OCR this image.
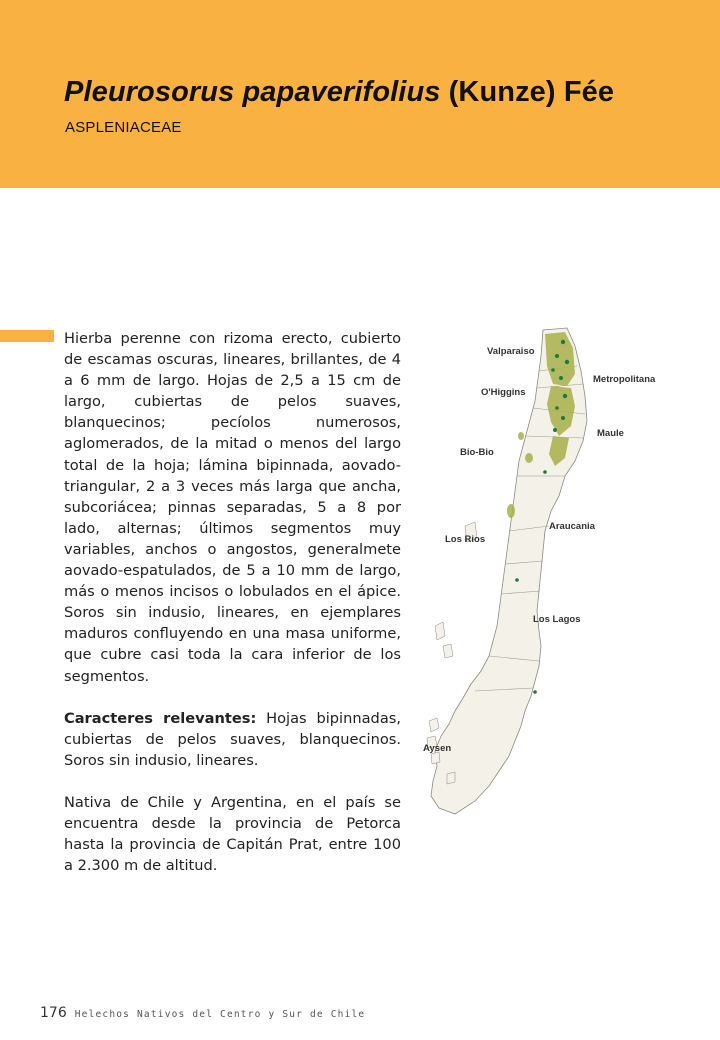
Pleurosorus papaverifolius (Kunze) Fée
ASPLENIACEAE

Hierba perenne con rizoma erecto, cubierto de escamas oscuras, lineares, brillantes, de 4 a 6 mm de largo. Hojas de 2,5 a 15 cm de largo, cubiertas de pelos suaves, blanquecinos; pecíolos numerosos, aglomerados, de la mitad o menos del largo total de la hoja; lámina bipinnada, aovado-triangular, 2 a 3 veces más larga que ancha, subcoriácea; pinnas separadas, 5 a 8 por lado, alternas; últimos segmentos muy variables, anchos o angostos, generalmete aovado-espatulados, de 5 a 10 mm de largo, más o menos incisos o lobulados en el ápice. Soros sin indusio, lineares, en ejemplares maduros confluyendo en una masa uniforme, que cubre casi toda la cara inferior de los segmentos.

Caracteres relevantes: Hojas bipinnadas, cubiertas de pelos suaves, blanquecinos. Soros sin indusio, lineares.

Nativa de Chile y Argentina, en el país se encuentra desde la provincia de Petorca hasta la provincia de Capitán Prat, entre 100 a 2.300 m de altitud.

Valparaiso
Metropolitana
O'Higgins
Maule
Bio-Bio
Araucania
Los Rios
Los Lagos
Aysen
176 Helechos Nativos del Centro y Sur de Chile
